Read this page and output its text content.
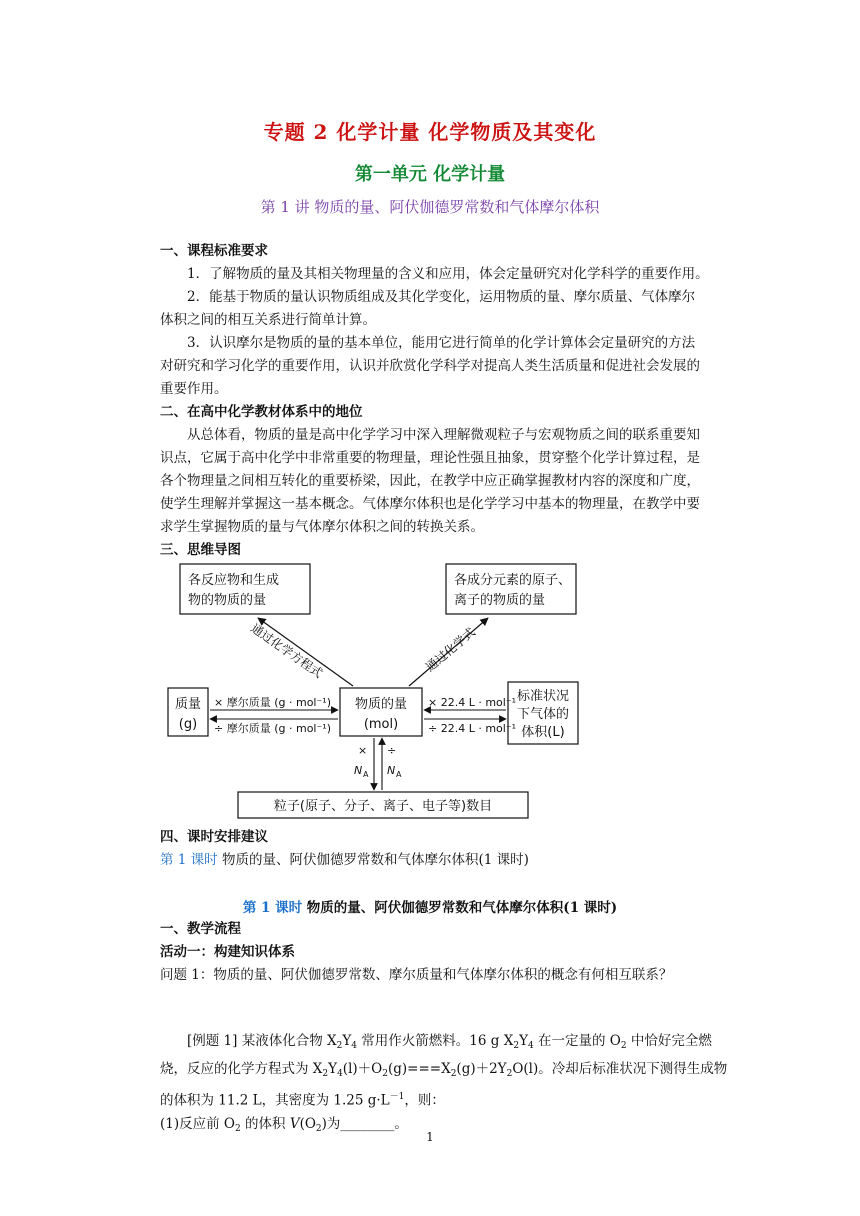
专题 2 化学计量 化学物质及其变化
第一单元 化学计量
第 1 讲 物质的量、阿伏伽德罗常数和气体摩尔体积
一、课程标准要求
1．了解物质的量及其相关物理量的含义和应用，体会定量研究对化学科学的重要作用。
2．能基于物质的量认识物质组成及其化学变化，运用物质的量、摩尔质量、气体摩尔
体积之间的相互关系进行简单计算。
3．认识摩尔是物质的量的基本单位，能用它进行简单的化学计算体会定量研究的方法
对研究和学习化学的重要作用，认识并欣赏化学科学对提高人类生活质量和促进社会发展的
重要作用。
二、在高中化学教材体系中的地位
从总体看，物质的量是高中化学学习中深入理解微观粒子与宏观物质之间的联系重要知
识点，它属于高中化学中非常重要的物理量，理论性强且抽象，贯穿整个化学计算过程，是
各个物理量之间相互转化的重要桥梁，因此，在教学中应正确掌握教材内容的深度和广度，
使学生理解并掌握这一基本概念。气体摩尔体积也是化学学习中基本的物理量，在教学中要
求学生掌握物质的量与气体摩尔体积之间的转换关系。
三、思维导图
各反应物和生成
物的物质的量
各成分元素的原子、
离子的物质的量
质量
(g)
物质的量
(mol)
标准状况
下气体的
体积(L)
粒子(原子、分子、离子、电子等)数目
通过化学方程式	通过化学式
× 摩尔质量 (g · mol⁻¹)
÷ 摩尔质量 (g · mol⁻¹)
× 22.4 L · mol⁻¹
÷ 22.4 L · mol⁻¹
×
N A
÷
N A
四、课时安排建议
第 1 课时 物质的量、阿伏伽德罗常数和气体摩尔体积(1 课时)
第 1 课时 物质的量、阿伏伽德罗常数和气体摩尔体积(1 课时)
一、教学流程
活动一：构建知识体系
问题 1：物质的量、阿伏伽德罗常数、摩尔质量和气体摩尔体积的概念有何相互联系？
[例题 1] 某液体化合物 $X_2Y_4$ 常用作火箭燃料。16 g $X_2Y_4$ 在一定量的 $O_2$ 中恰好完全燃
烧，反应的化学方程式为 $X_2Y_4(l)+O_2(g)===X_2(g)+2Y_2O(l)$。冷却后标准状况下测得生成物
的体积为 11.2 L，其密度为 1.25 $g\cdot L^{-1}$，则：
(1)反应前 $O_2$ 的体积 $V(O_2)$为________。
1
